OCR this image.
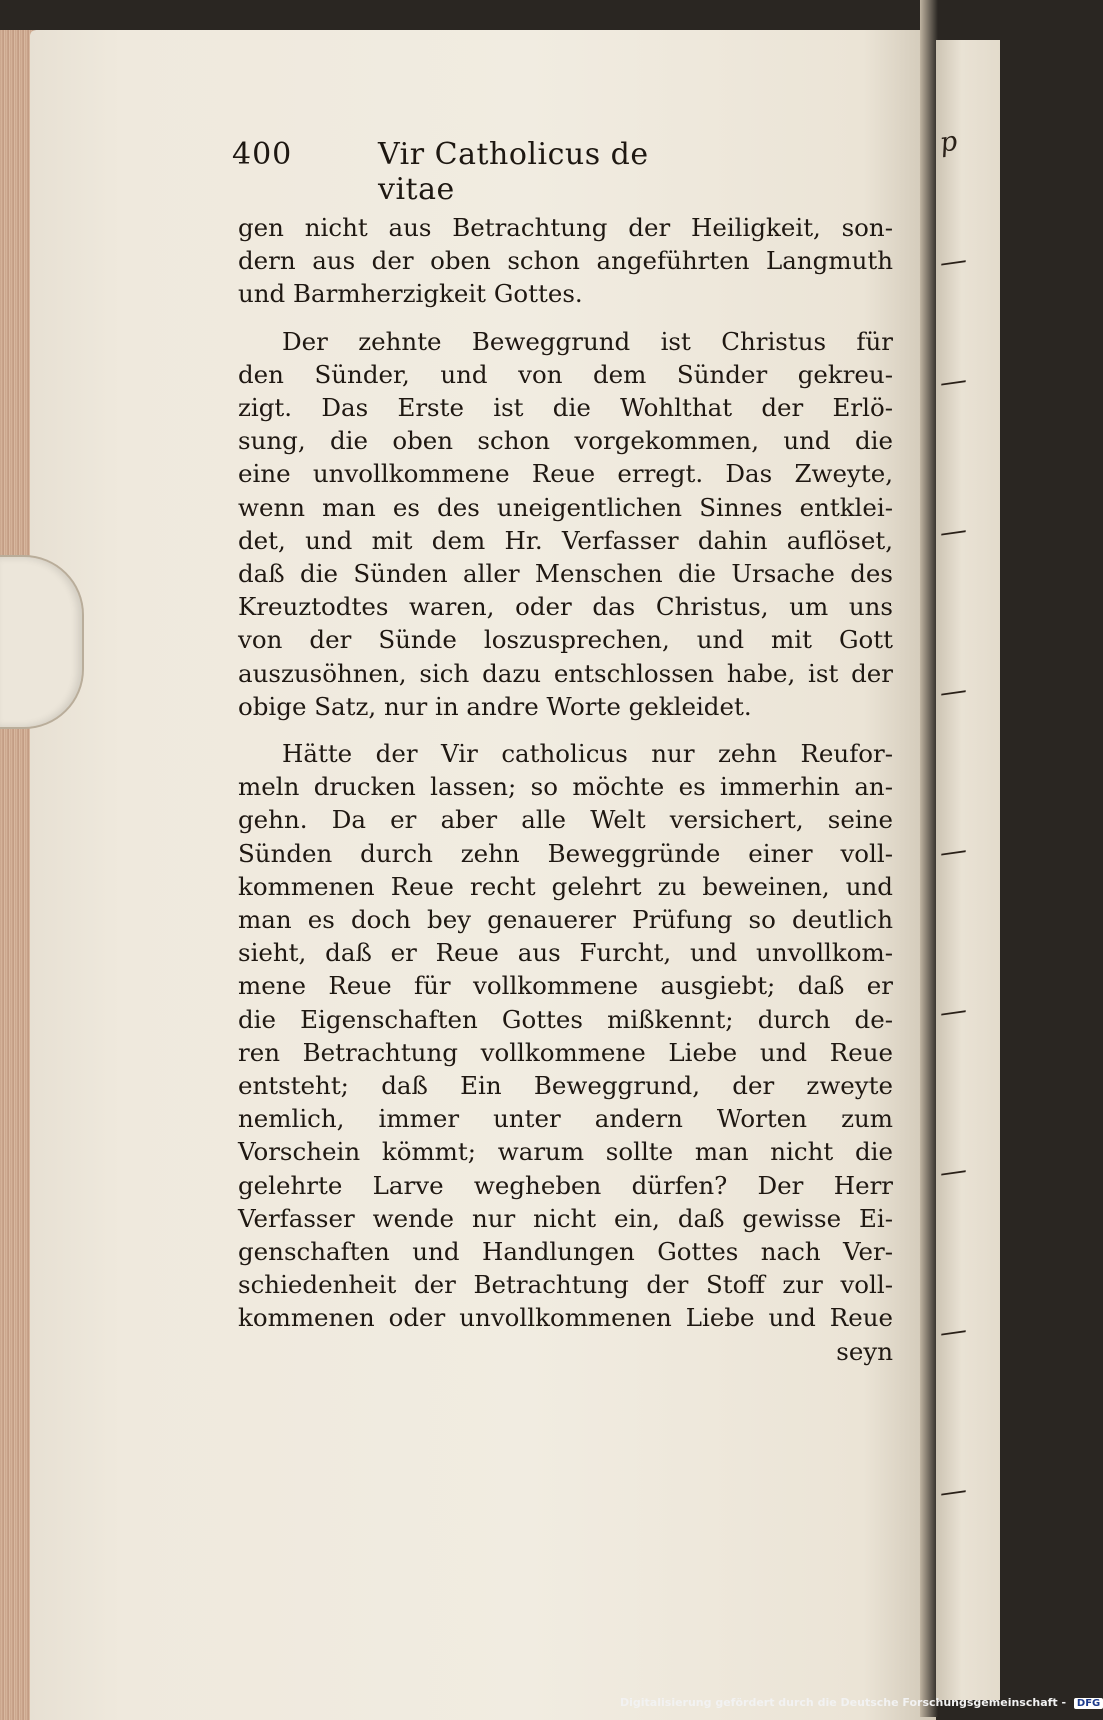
p
—
—
—
—
—
—
—
—
—
400	Vir Catholicus de vitae
gen nicht aus Betrachtung der Heiligkeit, son-
dern aus der oben schon angeführten Langmuth
und Barmherzigkeit Gottes.
Der zehnte Beweggrund ist Christus für
den Sünder, und von dem Sünder gekreu-
zigt. Das Erste ist die Wohlthat der Erlö-
sung, die oben schon vorgekommen, und die
eine unvollkommene Reue erregt. Das Zweyte,
wenn man es des uneigentlichen Sinnes entklei-
det, und mit dem Hr. Verfasser dahin auflöset,
daß die Sünden aller Menschen die Ursache des
Kreuztodtes waren, oder das Christus, um uns
von der Sünde loszusprechen, und mit Gott
auszusöhnen, sich dazu entschlossen habe, ist der
obige Satz, nur in andre Worte gekleidet.
Hätte der Vir catholicus nur zehn Reufor-
meln drucken lassen; so möchte es immerhin an-
gehn. Da er aber alle Welt versichert, seine
Sünden durch zehn Beweggründe einer voll-
kommenen Reue recht gelehrt zu beweinen, und
man es doch bey genauerer Prüfung so deutlich
sieht, daß er Reue aus Furcht, und unvollkom-
mene Reue für vollkommene ausgiebt; daß er
die Eigenschaften Gottes mißkennt; durch de-
ren Betrachtung vollkommene Liebe und Reue
entsteht; daß Ein Beweggrund, der zweyte
nemlich, immer unter andern Worten zum
Vorschein kömmt; warum sollte man nicht die
gelehrte Larve wegheben dürfen? Der Herr
Verfasser wende nur nicht ein, daß gewisse Ei-
genschaften und Handlungen Gottes nach Ver-
schiedenheit der Betrachtung der Stoff zur voll-
kommenen oder unvollkommenen Liebe und Reue
seyn
Digitalisierung gefördert durch die Deutsche Forschungsgemeinschaft - DFG
